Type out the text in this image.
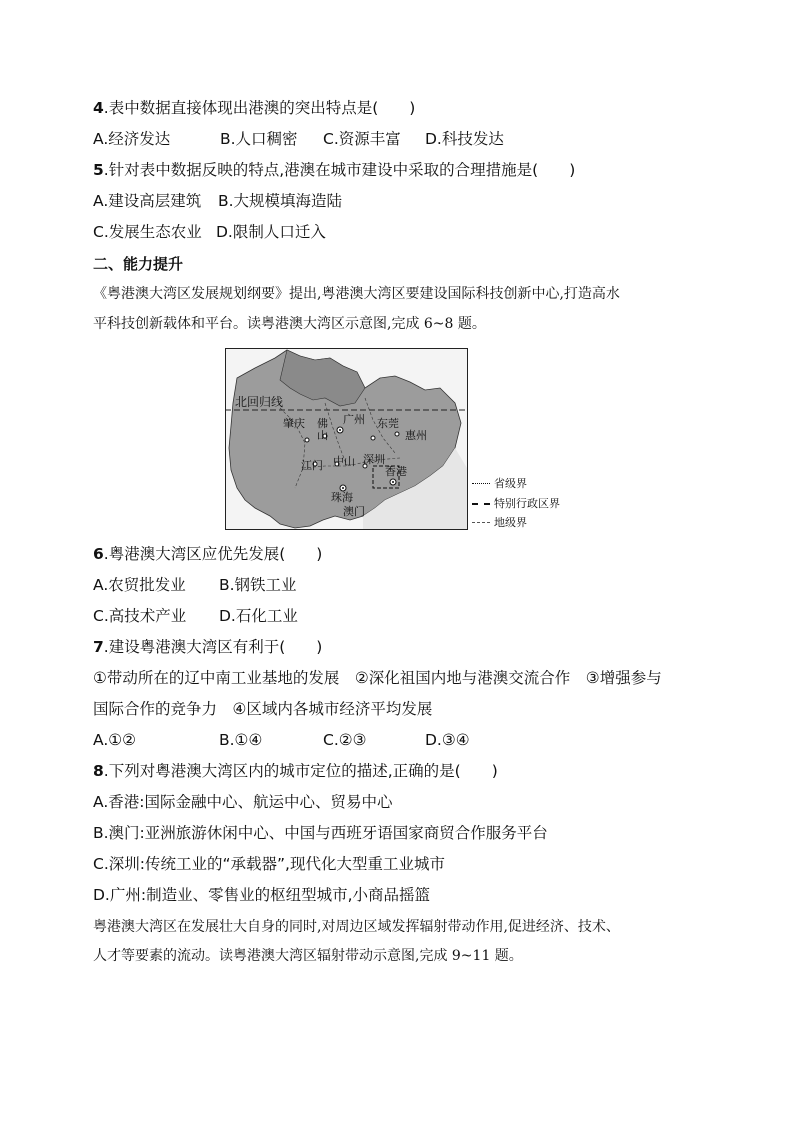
4.表中数据直接体现出港澳的突出特点是(　　)
A.经济发达	B.人口稠密 C.资源丰富 D.科技发达
5.针对表中数据反映的特点,港澳在城市建设中采取的合理措施是(　　)
A.建设高层建筑 B.大规模填海造陆
C.发展生态农业 D.限制人口迁入
二、能力提升
《粤港澳大湾区发展规划纲要》提出,粤港澳大湾区要建设国际科技创新中心,打造高水
平科技创新载体和平台。读粤港澳大湾区示意图,完成 6~8 题。
北回归线
肇庆 佛山
广州 东莞
惠州
江门 中山 深圳
珠海
香港
澳门
省级界
特别行政区界
地级界
6.粤港澳大湾区应优先发展(　　)
A.农贸批发业 B.钢铁工业
C.高技术产业 D.石化工业
7.建设粤港澳大湾区有利于(　　)
①带动所在的辽中南工业基地的发展　②深化祖国内地与港澳交流合作　③增强参与
国际合作的竞争力　④区域内各城市经济平均发展
A.①②	B.①④	C.②③	D.③④
8.下列对粤港澳大湾区内的城市定位的描述,正确的是(　　)
A.香港:国际金融中心、航运中心、贸易中心
B.澳门:亚洲旅游休闲中心、中国与西班牙语国家商贸合作服务平台
C.深圳:传统工业的“承载器”,现代化大型重工业城市
D.广州:制造业、零售业的枢纽型城市,小商品摇篮
粤港澳大湾区在发展壮大自身的同时,对周边区域发挥辐射带动作用,促进经济、技术、
人才等要素的流动。读粤港澳大湾区辐射带动示意图,完成 9~11 题。
